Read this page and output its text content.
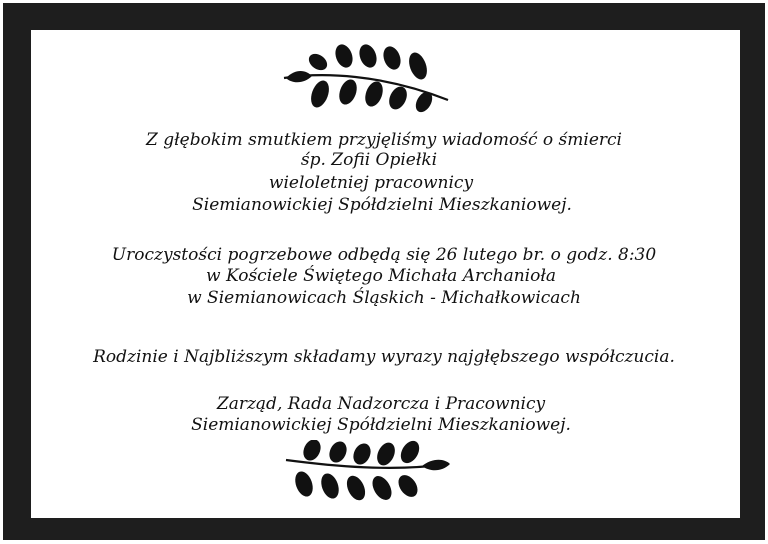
Z głębokim smutkiem przyjęliśmy wiadomość o śmierci
śp. Zofii Opiełki
wieloletniej pracownicy
Siemianowickiej Spółdzielni Mieszkaniowej.
Uroczystości pogrzebowe odbędą się 26 lutego br. o godz. 8:30
w Kościele Świętego Michała Archanioła
w Siemianowicach Śląskich - Michałkowicach
Rodzinie i Najbliższym składamy wyrazy najgłębszego współczucia.
Zarząd, Rada Nadzorcza i Pracownicy
Siemianowickiej Spółdzielni Mieszkaniowej.
